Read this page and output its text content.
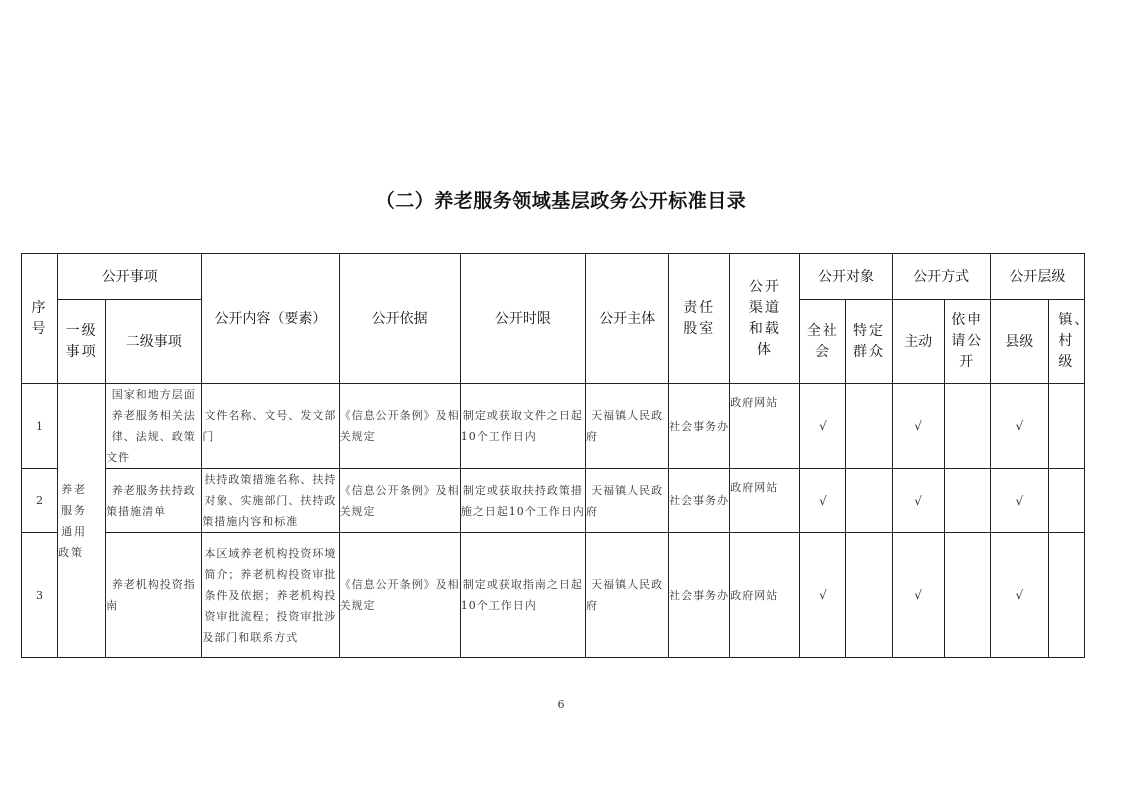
（二）养老服务领域基层政务公开标准目录
序号	公开事项		公开内容（要素）	公开依据	公开时限	公开主体	责任股室	公开渠道和载体	公开对象		公开方式		公开层级	
	一级事项	二级事项							全社会	特定群众	主动	依申请公开	县级	镇、村级
1	养老服务通用政策	国家和地方层面养老服务相关法律、法规、政策文件	文件名称、文号、发文部门	《信息公开条例》及相关规定	制定或获取文件之日起10个工作日内	天福镇人民政府	社会事务办	政府网站	√		√		√	
2		养老服务扶持政策措施清单	扶持政策措施名称、扶持对象、实施部门、扶持政策措施内容和标准	《信息公开条例》及相关规定	制定或获取扶持政策措施之日起10个工作日内	天福镇人民政府	社会事务办	政府网站	√		√		√	
3		养老机构投资指南	本区域养老机构投资环境简介；养老机构投资审批条件及依据；养老机构投资审批流程；投资审批涉及部门和联系方式	《信息公开条例》及相关规定	制定或获取指南之日起10个工作日内	天福镇人民政府	社会事务办	政府网站	√		√		√	
6
